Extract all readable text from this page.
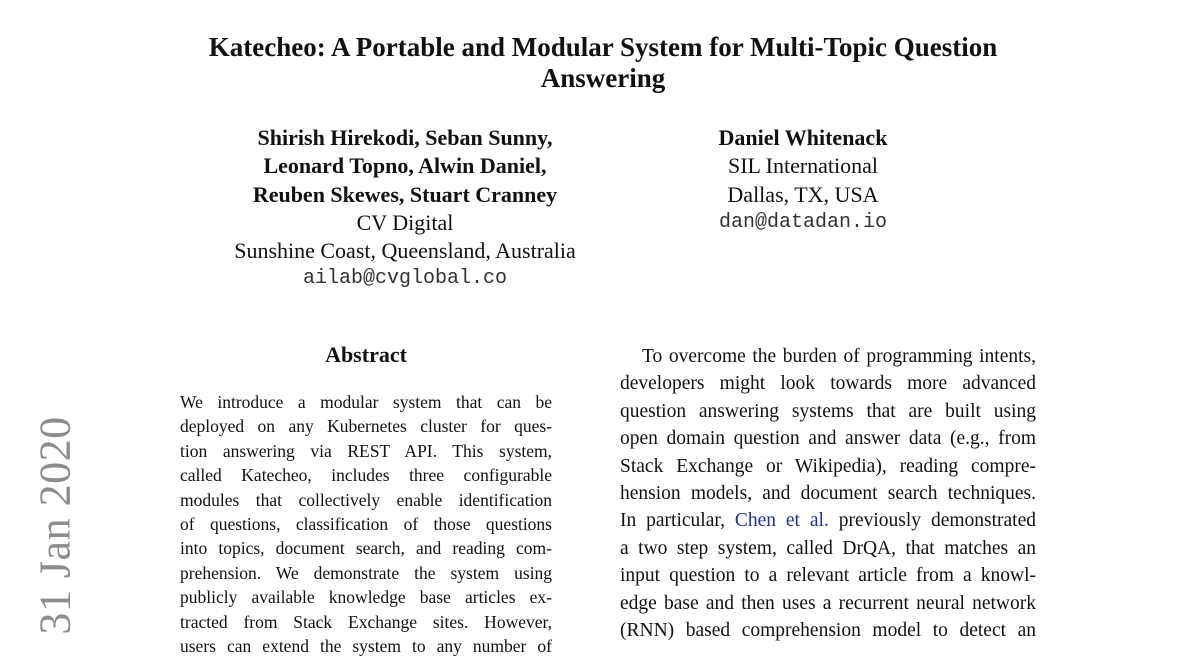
Katecheo: A Portable and Modular System for Multi-Topic Question
Answering
Shirish Hirekodi, Seban Sunny,
Leonard Topno, Alwin Daniel,
Reuben Skewes, Stuart Cranney
CV Digital
Sunshine Coast, Queensland, Australia
ailab@cvglobal.co
Daniel Whitenack
SIL International
Dallas, TX, USA
dan@datadan.io
Abstract
We introduce a modular system that can be
deployed on any Kubernetes cluster for ques-
tion answering via REST API. This system,
called Katecheo, includes three configurable
modules that collectively enable identification
of questions, classification of those questions
into topics, document search, and reading com-
prehension. We demonstrate the system using
publicly available knowledge base articles ex-
tracted from Stack Exchange sites. However,
users can extend the system to any number of
To overcome the burden of programming intents,
developers might look towards more advanced
question answering systems that are built using
open domain question and answer data (e.g., from
Stack Exchange or Wikipedia), reading compre-
hension models, and document search techniques.
In particular, Chen et al. previously demonstrated
a two step system, called DrQA, that matches an
input question to a relevant article from a knowl-
edge base and then uses a recurrent neural network
(RNN) based comprehension model to detect an
31 Jan 2020
